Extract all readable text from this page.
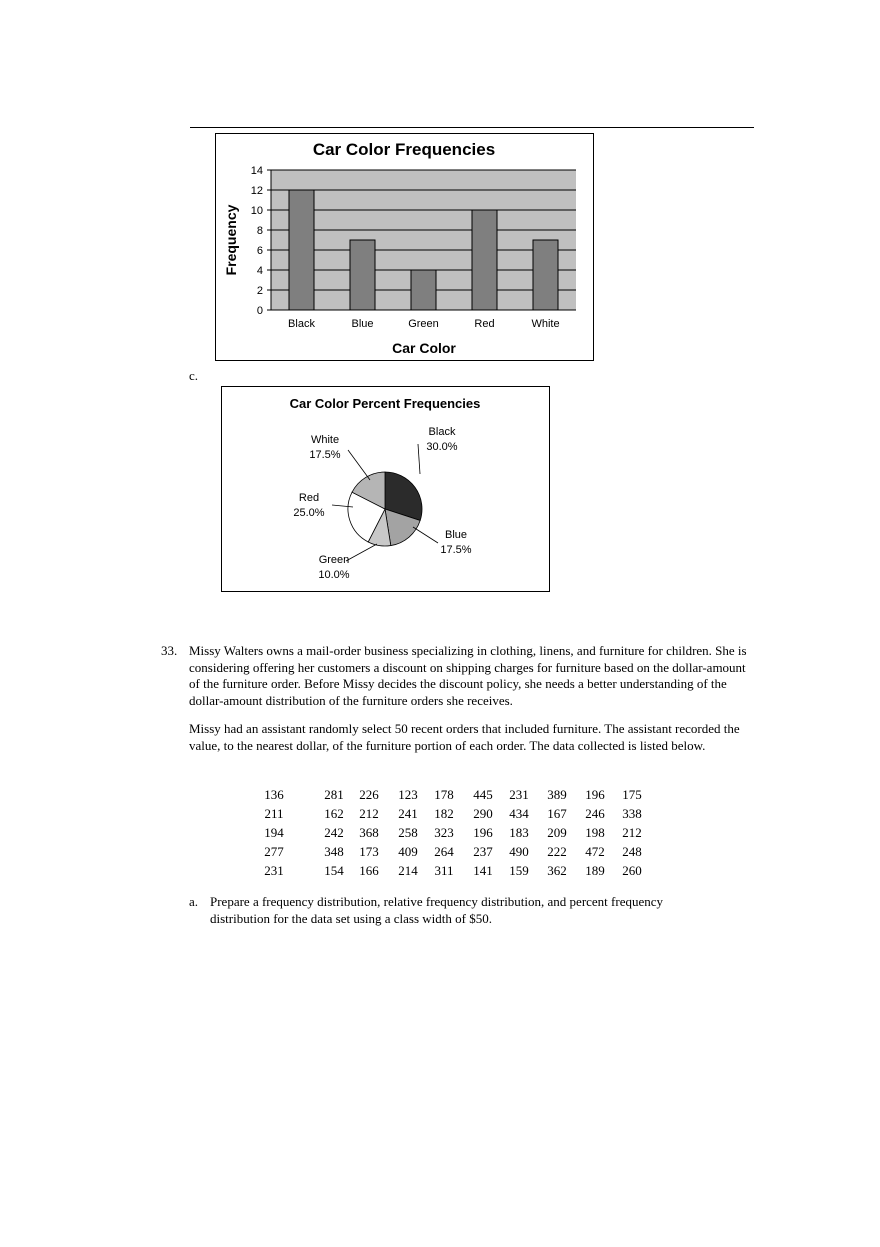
Car Color Frequencies
Car Color
Frequency
0
2
4
6
8
10
12
14
Black	Blue	Green	Red	White
c.
Car Color Percent Frequencies
Black
30.0%
Blue
17.5%
Green
10.0%
Red
25.0%
White
17.5%
33. Missy Walters owns a mail-order business specializing in clothing, linens, and furniture for children. She is considering offering her customers a discount on shipping charges for furniture based on the dollar-amount of the furniture order. Before Missy decides the discount policy, she needs a better understanding of the dollar-amount distribution of the furniture orders she receives.

Missy had an assistant randomly select 50 recent orders that included furniture. The assistant recorded the value, to the nearest dollar, of the furniture portion of each order. The data collected is listed below.

136	281	226	123	178	445	231	389	196	175
211	162	212	241	182	290	434	167	246	338
194	242	368	258	323	196	183	209	198	212
277	348	173	409	264	237	490	222	472	248
231	154	166	214	311	141	159	362	189	260
a. Prepare a frequency distribution, relative frequency distribution, and percent frequency distribution for the data set using a class width of $50.
